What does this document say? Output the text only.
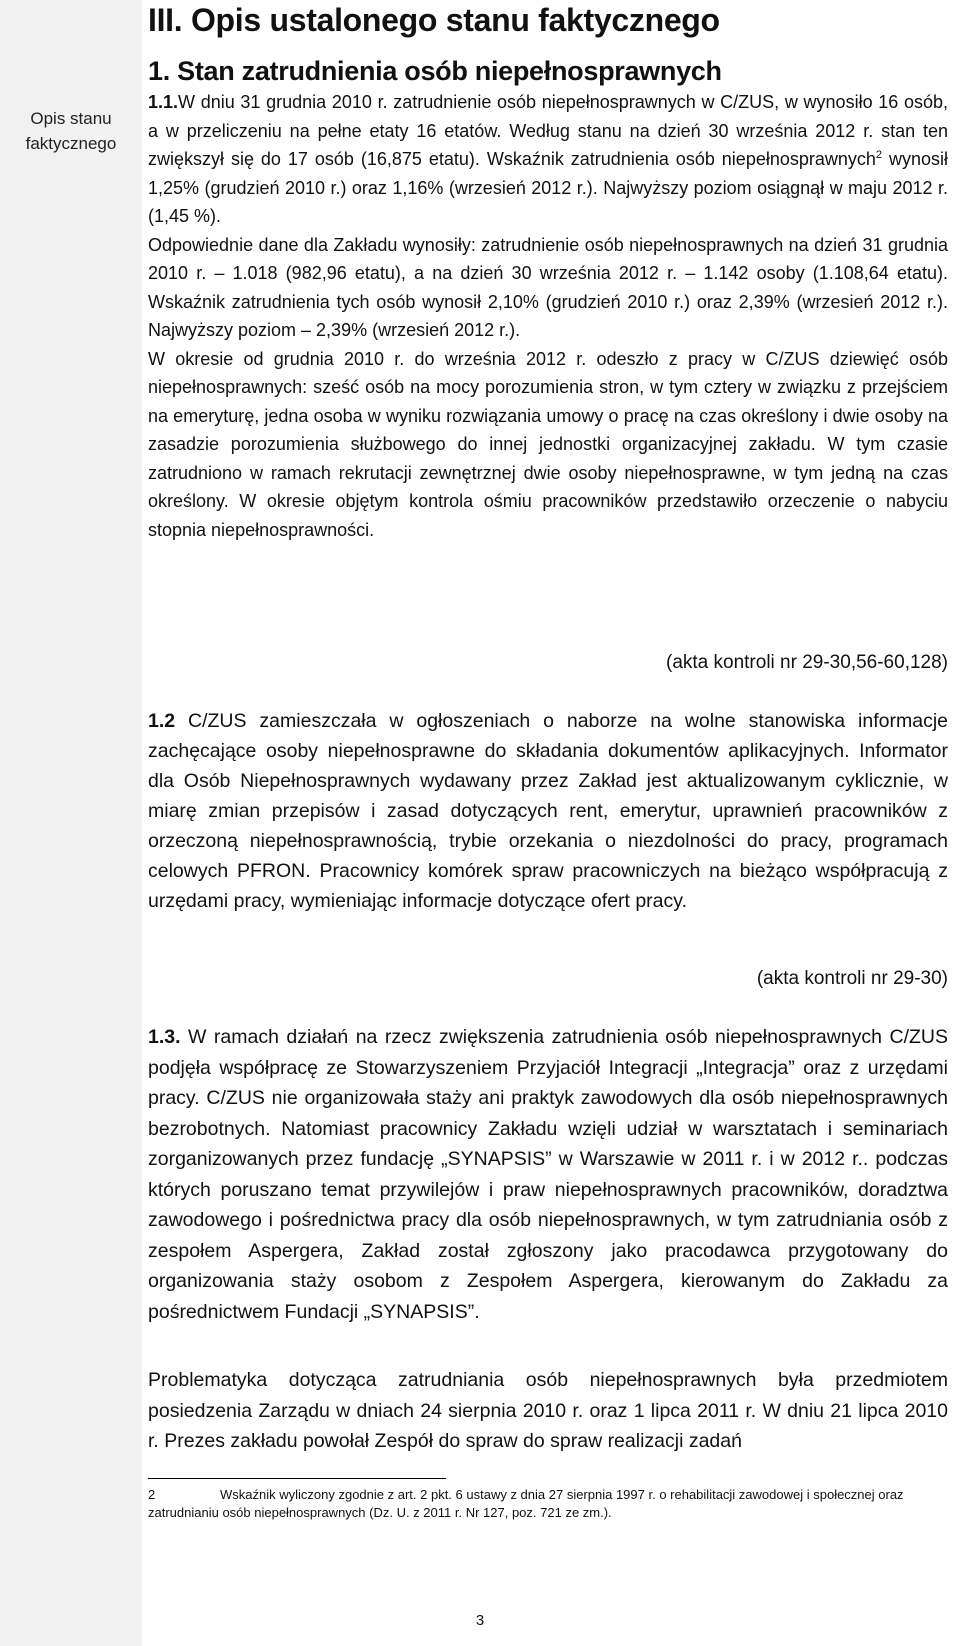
Opis stanu faktycznego
III. Opis ustalonego stanu faktycznego
1. Stan zatrudnienia osób niepełnosprawnych

1.1.W dniu 31 grudnia 2010 r. zatrudnienie osób niepełnosprawnych w C/ZUS, w wynosiło 16 osób, a w przeliczeniu na pełne etaty 16 etatów. Według stanu na dzień 30 września 2012 r. stan ten zwiększył się do 17 osób (16,875 etatu). Wskaźnik zatrudnienia osób niepełnosprawnych$^2$ wynosił 1,25% (grudzień 2010 r.) oraz 1,16% (wrzesień 2012 r.). Najwyższy poziom osiągnął w maju 2012 r. (1,45 %).

Odpowiednie dane dla Zakładu wynosiły: zatrudnienie osób niepełnosprawnych na dzień 31 grudnia 2010 r. – 1.018 (982,96 etatu), a na dzień 30 września 2012 r. – 1.142 osoby (1.108,64 etatu). Wskaźnik zatrudnienia tych osób wynosił 2,10% (grudzień 2010 r.) oraz 2,39% (wrzesień 2012 r.). Najwyższy poziom – 2,39% (wrzesień 2012 r.).

W okresie od grudnia 2010 r. do września 2012 r. odeszło z pracy w C/ZUS dziewięć osób niepełnosprawnych: sześć osób na mocy porozumienia stron, w tym cztery w związku z przejściem na emeryturę, jedna osoba w wyniku rozwiązania umowy o pracę na czas określony i dwie osoby na zasadzie porozumienia służbowego do innej jednostki organizacyjnej zakładu. W tym czasie zatrudniono w ramach rekrutacji zewnętrznej dwie osoby niepełnosprawne, w tym jedną na czas określony. W okresie objętym kontrola ośmiu pracowników przedstawiło orzeczenie o nabyciu stopnia niepełnosprawności.

(akta kontroli nr 29-30,56-60,128)

1.2 C/ZUS zamieszczała w ogłoszeniach o naborze na wolne stanowiska informacje zachęcające osoby niepełnosprawne do składania dokumentów aplikacyjnych. Informator dla Osób Niepełnosprawnych wydawany przez Zakład jest aktualizowanym cyklicznie, w miarę zmian przepisów i zasad dotyczących rent, emerytur, uprawnień pracowników z orzeczoną niepełnosprawnością, trybie orzekania o niezdolności do pracy, programach celowych PFRON. Pracownicy komórek spraw pracowniczych na bieżąco współpracują z urzędami pracy, wymieniając informacje dotyczące ofert pracy.

(akta kontroli nr 29-30)

1.3. W ramach działań na rzecz zwiększenia zatrudnienia osób niepełnosprawnych C/ZUS podjęła współpracę ze Stowarzyszeniem Przyjaciół Integracji „Integracja” oraz z urzędami pracy. C/ZUS nie organizowała staży ani praktyk zawodowych dla osób niepełnosprawnych bezrobotnych. Natomiast pracownicy Zakładu wzięli udział w warsztatach i seminariach zorganizowanych przez fundację „SYNAPSIS” w Warszawie w 2011 r. i w 2012 r.. podczas których poruszano temat przywilejów i praw niepełnosprawnych pracowników, doradztwa zawodowego i pośrednictwa pracy dla osób niepełnosprawnych, w tym zatrudniania osób z zespołem Aspergera, Zakład został zgłoszony jako pracodawca przygotowany do organizowania staży osobom z Zespołem Aspergera, kierowanym do Zakładu za pośrednictwem Fundacji „SYNAPSIS”.

Problematyka dotycząca zatrudniania osób niepełnosprawnych była przedmiotem posiedzenia Zarządu w dniach 24 sierpnia 2010 r. oraz 1 lipca 2011 r. W dniu 21 lipca 2010 r. Prezes zakładu powołał Zespół do spraw do spraw realizacji zadań

2	Wskaźnik wyliczony zgodnie z art. 2 pkt. 6 ustawy z dnia 27 sierpnia 1997 r. o rehabilitacji zawodowej i społecznej oraz zatrudnianiu osób niepełnosprawnych (Dz. U. z 2011 r. Nr 127, poz. 721 ze zm.).
3
